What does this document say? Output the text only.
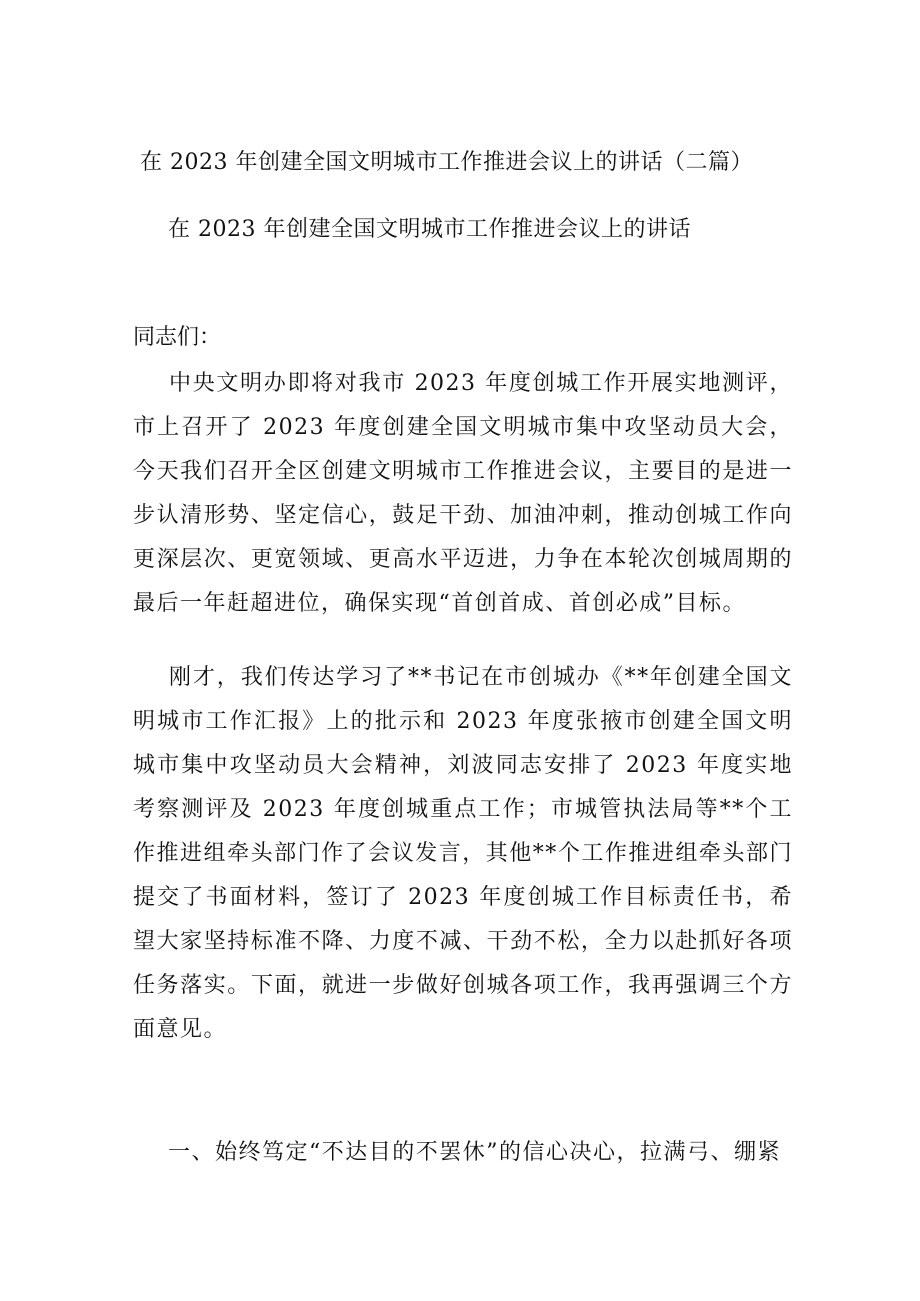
在 2023 年创建全国文明城市工作推进会议上的讲话（二篇）
在 2023 年创建全国文明城市工作推进会议上的讲话
同志们：

中央文明办即将对我市 2023 年度创城工作开展实地测评，市上召开了 2023 年度创建全国文明城市集中攻坚动员大会，今天我们召开全区创建文明城市工作推进会议，主要目的是进一步认清形势、坚定信心，鼓足干劲、加油冲刺，推动创城工作向更深层次、更宽领域、更高水平迈进，力争在本轮次创城周期的最后一年赶超进位，确保实现“首创首成、首创必成”目标。

刚才，我们传达学习了**书记在市创城办《**年创建全国文明城市工作汇报》上的批示和 2023 年度张掖市创建全国文明城市集中攻坚动员大会精神，刘波同志安排了 2023 年度实地考察测评及 2023 年度创城重点工作；市城管执法局等**个工作推进组牵头部门作了会议发言，其他**个工作推进组牵头部门提交了书面材料，签订了 2023 年度创城工作目标责任书，希望大家坚持标准不降、力度不减、干劲不松，全力以赴抓好各项任务落实。下面，就进一步做好创城各项工作，我再强调三个方面意见。

一、始终笃定“不达目的不罢休”的信心决心，拉满弓、绷紧
